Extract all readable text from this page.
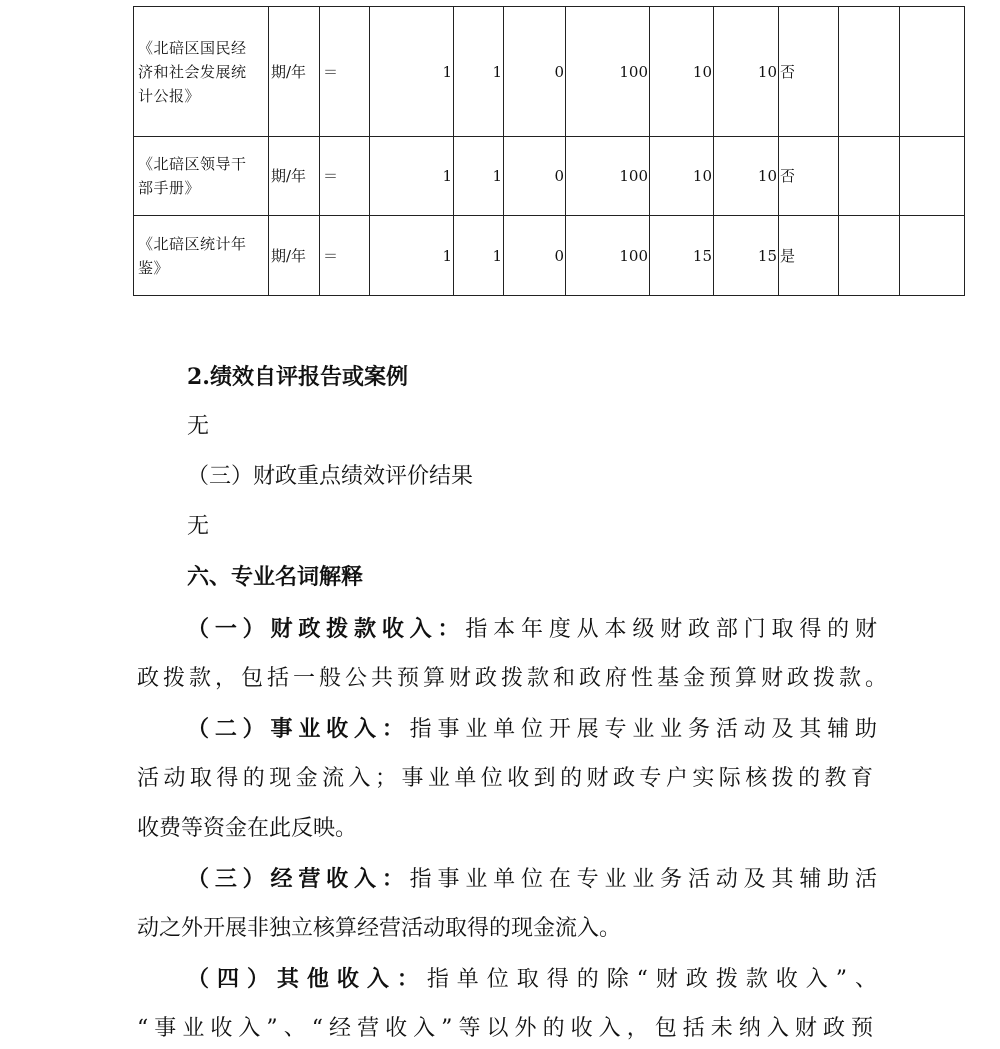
《北碚区国民经
济和社会发展统
计公报》	期/年	＝	1	1	0	100	10	10	否		

《北碚区领导干
部手册》	期/年	＝	1	1	0	100	10	10	否		

《北碚区统计年
鉴》	期/年	＝	1	1	0	100	15	15	是		
2.绩效自评报告或案例
无
（三）财政重点绩效评价结果
无
六、专业名词解释
（一）财政拨款收入：指本年度从本级财政部门取得的财
政拨款，包括一般公共预算财政拨款和政府性基金预算财政拨款。
（二）事业收入：指事业单位开展专业业务活动及其辅助
活动取得的现金流入；事业单位收到的财政专户实际核拨的教育
收费等资金在此反映。
（三）经营收入：指事业单位在专业业务活动及其辅助活
动之外开展非独立核算经营活动取得的现金流入。
（四）其他收入：指单位取得的除“财政拨款收入”、
“事业收入”、“经营收入”等以外的收入，包括未纳入财政预
